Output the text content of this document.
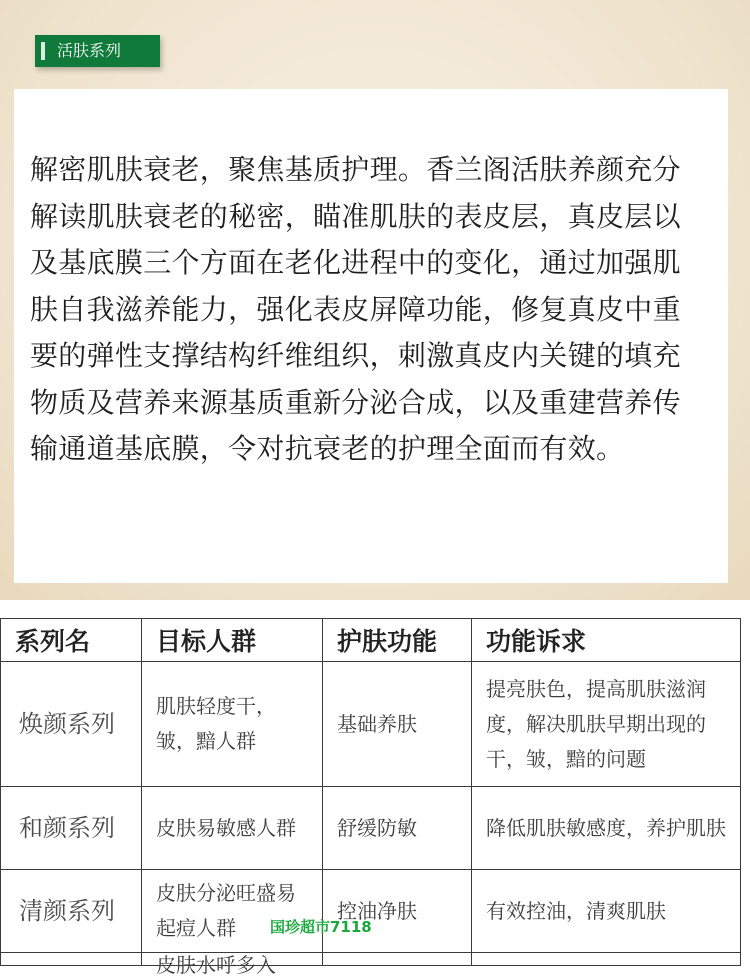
活肤系列

解密肌肤衰老，聚焦基质护理。香兰阁活肤养颜充分解读肌肤衰老的秘密，瞄准肌肤的表皮层，真皮层以及基底膜三个方面在老化进程中的变化，通过加强肌肤自我滋养能力，强化表皮屏障功能，修复真皮中重要的弹性支撑结构纤维组织，刺激真皮内关键的填充物质及营养来源基质重新分泌合成，以及重建营养传输通道基底膜，令对抗衰老的护理全面而有效。

系列名	目标人群	护肤功能	功能诉求
焕颜系列	肌肤轻度干，皱，黯人群	基础养肤	提亮肤色，提高肌肤滋润度，解决肌肤早期出现的干，皱，黯的问题
和颜系列	皮肤易敏感人群	舒缓防敏	降低肌肤敏感度，养护肌肤
清颜系列	皮肤分泌旺盛易起痘人群	控油净肤	有效控油，清爽肌肤

	皮肤水呼多入		

国珍超市7118
